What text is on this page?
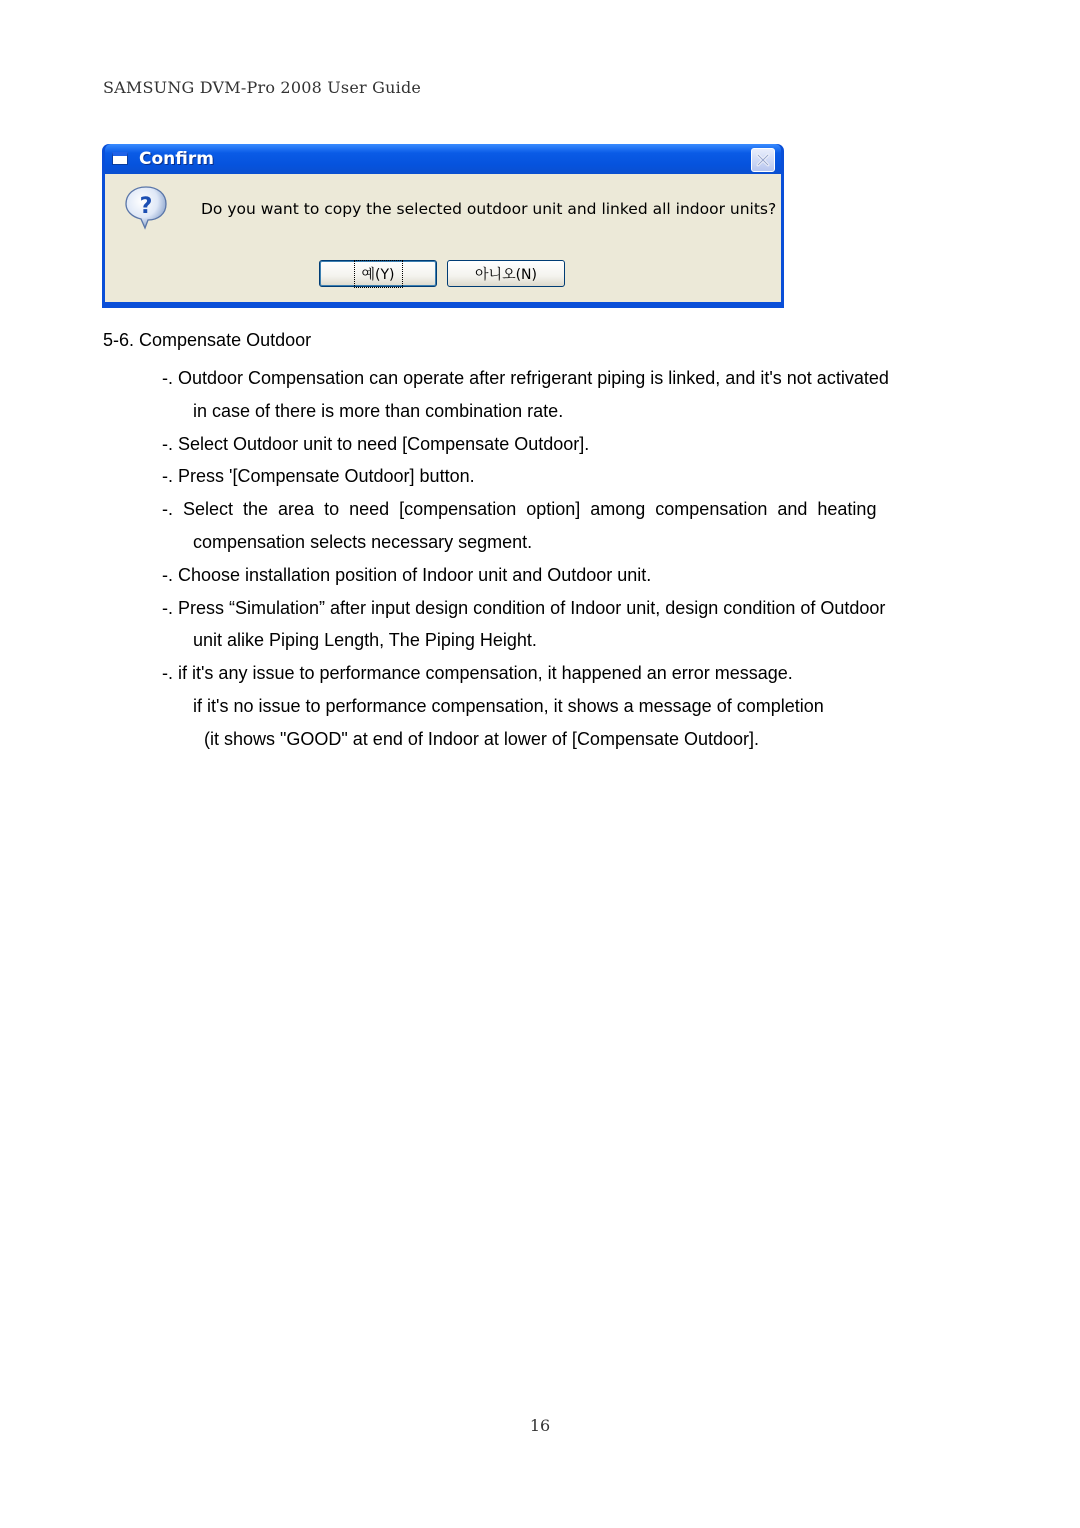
SAMSUNG DVM-Pro 2008 User Guide
Confirm
?	Do you want to copy the selected outdoor unit and linked all indoor units?
예(Y)	아니오(N)
5-6. Compensate Outdoor
-. Outdoor Compensation can operate after refrigerant piping is linked, and it's not activated
in case of there is more than combination rate.
-. Select Outdoor unit to need [Compensate Outdoor].
-. Press '[Compensate Outdoor] button.
-.  Select  the  area  to  need  [compensation  option]  among  compensation  and  heating
compensation selects necessary segment.
-. Choose installation position of Indoor unit and Outdoor unit.
-. Press “Simulation” after input design condition of Indoor unit, design condition of Outdoor
unit alike Piping Length, The Piping Height.
-. if it's any issue to performance compensation, it happened an error message.
if it's no issue to performance compensation, it shows a message of completion
(it shows "GOOD" at end of Indoor at lower of [Compensate Outdoor].
16
